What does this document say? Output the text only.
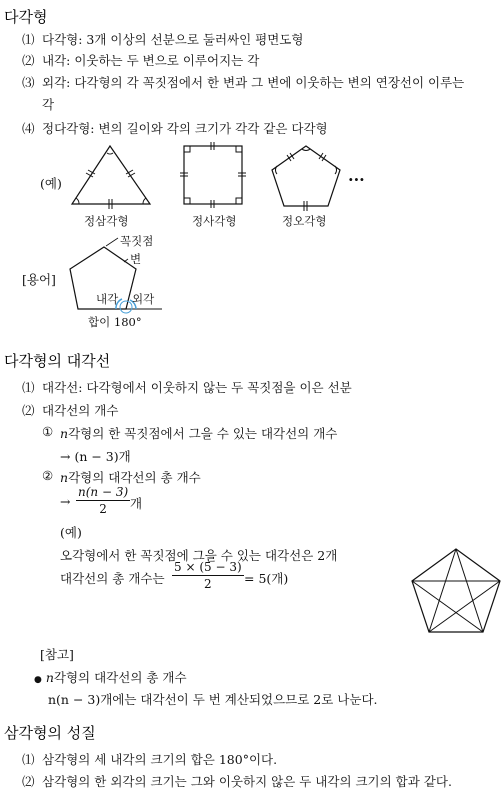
다각형
⑴ 다각형: 3개 이상의 선분으로 둘러싸인 평면도형
⑵ 내각: 이웃하는 두 변으로 이루어지는 각
⑶ 외각: 다각형의 각 꼭짓점에서 한 변과 그 변에 이웃하는 변의 연장선이 이루는
각
⑷ 정다각형: 변의 길이와 각의 크기가 각각 같은 다각형
(예)
정삼각형	정사각형	정오각형
···
[용어]
꼭짓점
변
내각 외각
합이 180°
다각형의 대각선
⑴ 대각선: 다각형에서 이웃하지 않는 두 꼭짓점을 이은 선분
⑵ 대각선의 개수
① n각형의 한 꼭짓점에서 그을 수 있는 대각선의 개수
→ (n − 3)개
② n각형의 대각선의 총 개수
→
n(n − 3)
2	개
(예)
오각형에서 한 꼭짓점에 그을 수 있는 대각선은 2개
대각선의 총 개수는
5 × (5 − 3)
2	= 5(개)
[참고]
● n각형의 대각선의 총 개수
n(n − 3)개에는 대각선이 두 번 계산되었으므로 2로 나눈다.
삼각형의 성질
⑴ 삼각형의 세 내각의 크기의 합은 180°이다.
⑵ 삼각형의 한 외각의 크기는 그와 이웃하지 않은 두 내각의 크기의 합과 같다.
